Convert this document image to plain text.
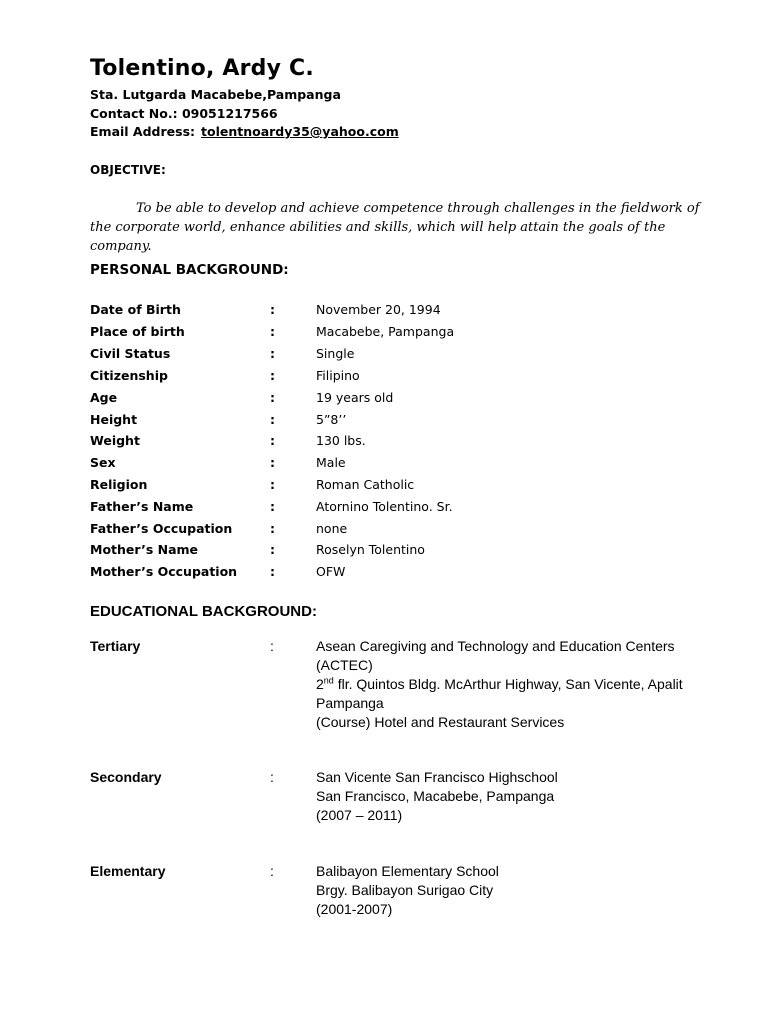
Tolentino, Ardy C.
Sta. Lutgarda Macabebe,Pampanga
Contact No.: 09051217566
Email Address: tolentnoardy35@yahoo.com
OBJECTIVE:
To be able to develop and achieve competence through challenges in the fieldwork of the corporate world, enhance abilities and skills, which will help attain the goals of the company.
PERSONAL BACKGROUND:
Date of Birth	:	November 20, 1994
Place of birth	:	Macabebe, Pampanga
Civil Status	:	Single
Citizenship	:	Filipino
Age	:	19 years old
Height	:	5”8’’
Weight	:	130 lbs.
Sex	:	Male
Religion	:	Roman Catholic
Father’s Name	:	Atornino Tolentino. Sr.
Father’s Occupation	:	none
Mother’s Name	:	Roselyn Tolentino
Mother’s Occupation	:	OFW
EDUCATIONAL BACKGROUND:
Tertiary	:	Asean Caregiving and Technology and Education Centers
(ACTEC)
2nd flr. Quintos Bldg. McArthur Highway, San Vicente, Apalit
Pampanga
(Course) Hotel and Restaurant Services
Secondary	:	San Vicente San Francisco Highschool
San Francisco, Macabebe, Pampanga
(2007 – 2011)
Elementary	:	Balibayon Elementary School
Brgy. Balibayon Surigao City
(2001-2007)
